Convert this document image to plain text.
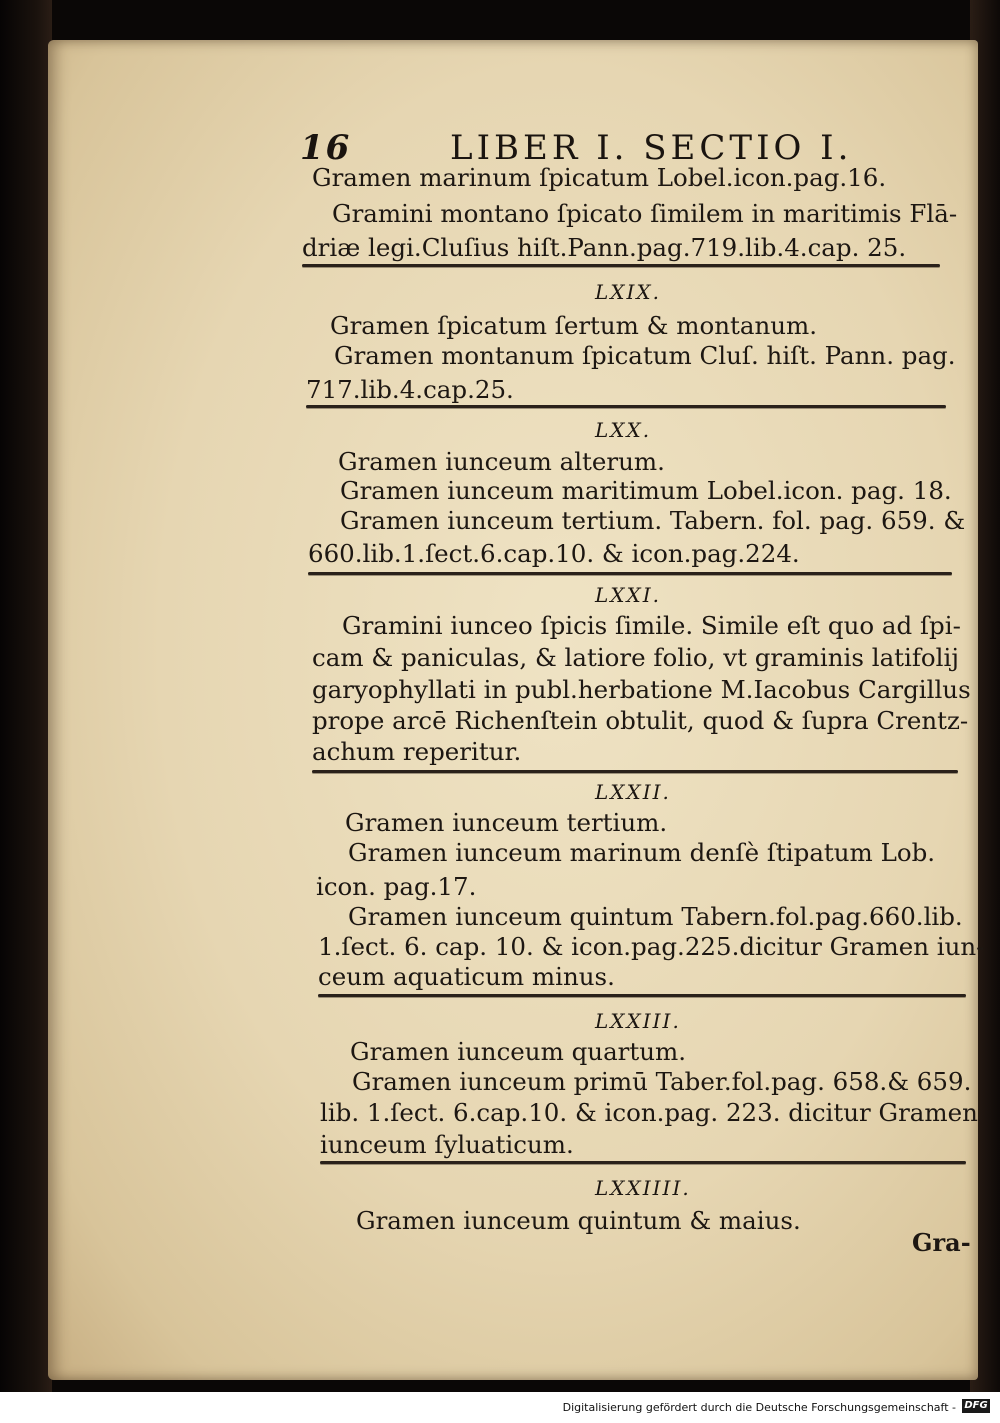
16	LIBER I. SECTIO I.
Gramen marinum ſpicatum Lobel.icon.pag.16.
Gramini montano ſpicato ſimilem in maritimis Flā-
driæ legi.Cluſius hiſt.Pann.pag.719.lib.4.cap. 25.
LXIX.
Gramen ſpicatum ſertum & montanum.
Gramen montanum ſpicatum Cluſ. hiſt. Pann. pag.
717.lib.4.cap.25.
LXX.
Gramen iunceum alterum.
Gramen iunceum maritimum Lobel.icon. pag. 18.
Gramen iunceum tertium. Tabern. fol. pag. 659. &
660.lib.1.ſect.6.cap.10. & icon.pag.224.
LXXI.
Gramini iunceo ſpicis ſimile. Simile eſt quo ad ſpi-
cam & paniculas, & latiore folio, vt graminis latifolij
garyophyllati in publ.herbatione M.Iacobus Cargillus
prope arcē Richenſtein obtulit, quod & ſupra Crentz-
achum reperitur.
LXXII.
Gramen iunceum tertium.
Gramen iunceum marinum denſè ſtipatum Lob.
icon. pag.17.
Gramen iunceum quintum Tabern.fol.pag.660.lib.
1.ſect. 6. cap. 10. & icon.pag.225.dicitur Gramen iun-
ceum aquaticum minus.
LXXIII.
Gramen iunceum quartum.
Gramen iunceum primū Taber.fol.pag. 658.& 659.
lib. 1.ſect. 6.cap.10. & icon.pag. 223. dicitur Gramen
iunceum ſyluaticum.
LXXIIII.
Gramen iunceum quintum & maius.
Gra-
Digitalisierung gefördert durch die Deutsche Forschungsgemeinschaft - DFG
